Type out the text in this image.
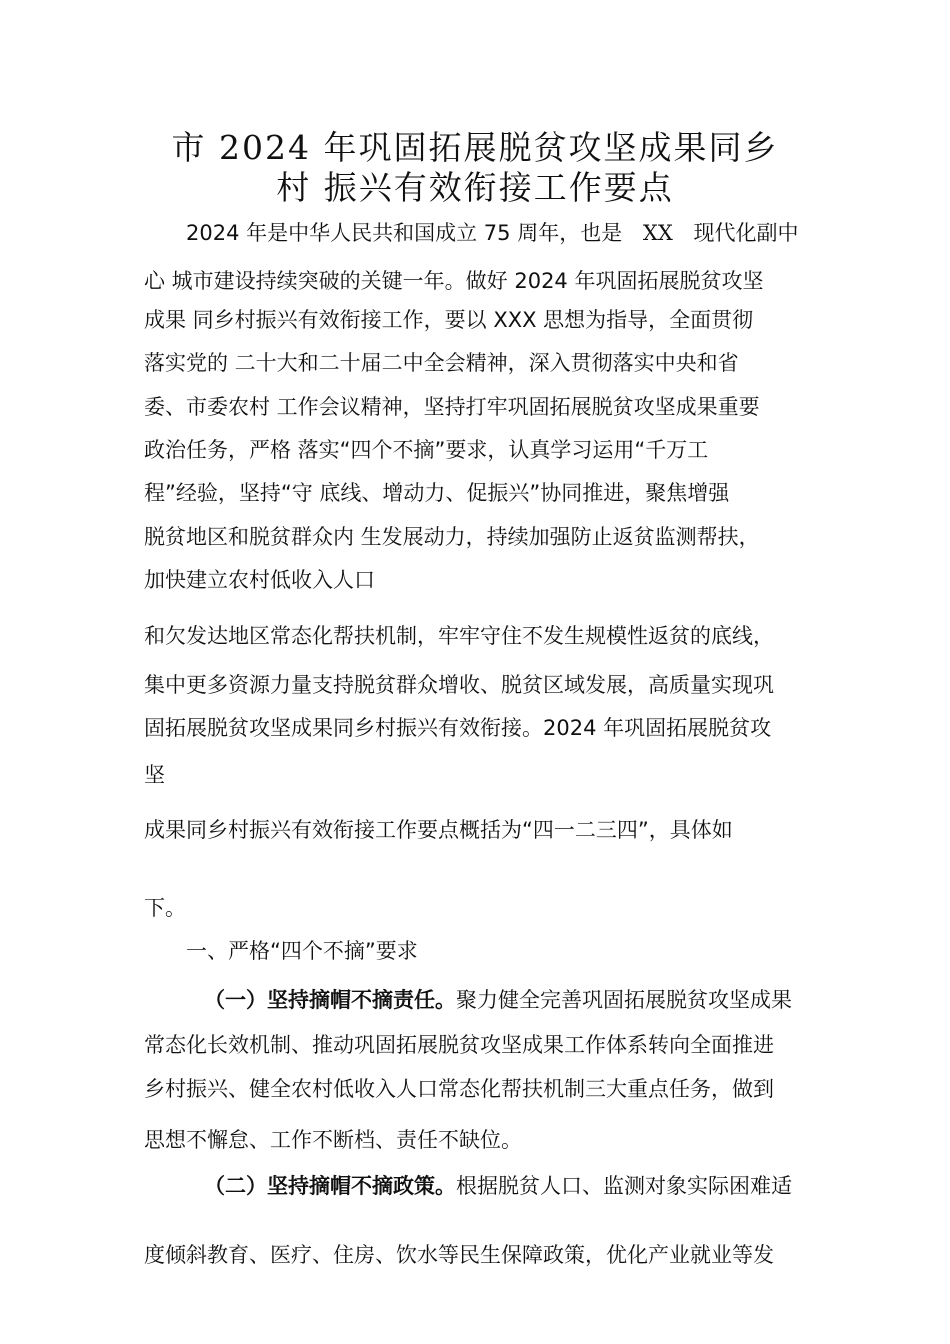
市 2024 年巩固拓展脱贫攻坚成果同乡
村 振兴有效衔接工作要点
2024 年是中华人民共和国成立 75 周年，也是 XX 现代化副中
心 城市建设持续突破的关键一年。做好 2024 年巩固拓展脱贫攻坚
成果 同乡村振兴有效衔接工作，要以 XXX 思想为指导，全面贯彻
落实党的 二十大和二十届二中全会精神，深入贯彻落实中央和省
委、市委农村 工作会议精神，坚持打牢巩固拓展脱贫攻坚成果重要
政治任务，严格 落实“四个不摘”要求，认真学习运用“千万工
程”经验，坚持“守 底线、增动力、促振兴”协同推进，聚焦增强
脱贫地区和脱贫群众内 生发展动力，持续加强防止返贫监测帮扶，
加快建立农村低收入人口
和欠发达地区常态化帮扶机制，牢牢守住不发生规模性返贫的底线，
集中更多资源力量支持脱贫群众增收、脱贫区域发展，高质量实现巩
固拓展脱贫攻坚成果同乡村振兴有效衔接。2024 年巩固拓展脱贫攻
坚
成果同乡村振兴有效衔接工作要点概括为“四一二三四”，具体如
下。
一、严格“四个不摘”要求
（一）坚持摘帽不摘责任。聚力健全完善巩固拓展脱贫攻坚成果
常态化长效机制、推动巩固拓展脱贫攻坚成果工作体系转向全面推进
乡村振兴、健全农村低收入人口常态化帮扶机制三大重点任务，做到
思想不懈怠、工作不断档、责任不缺位。
（二）坚持摘帽不摘政策。根据脱贫人口、监测对象实际困难适
度倾斜教育、医疗、住房、饮水等民生保障政策，优化产业就业等发
